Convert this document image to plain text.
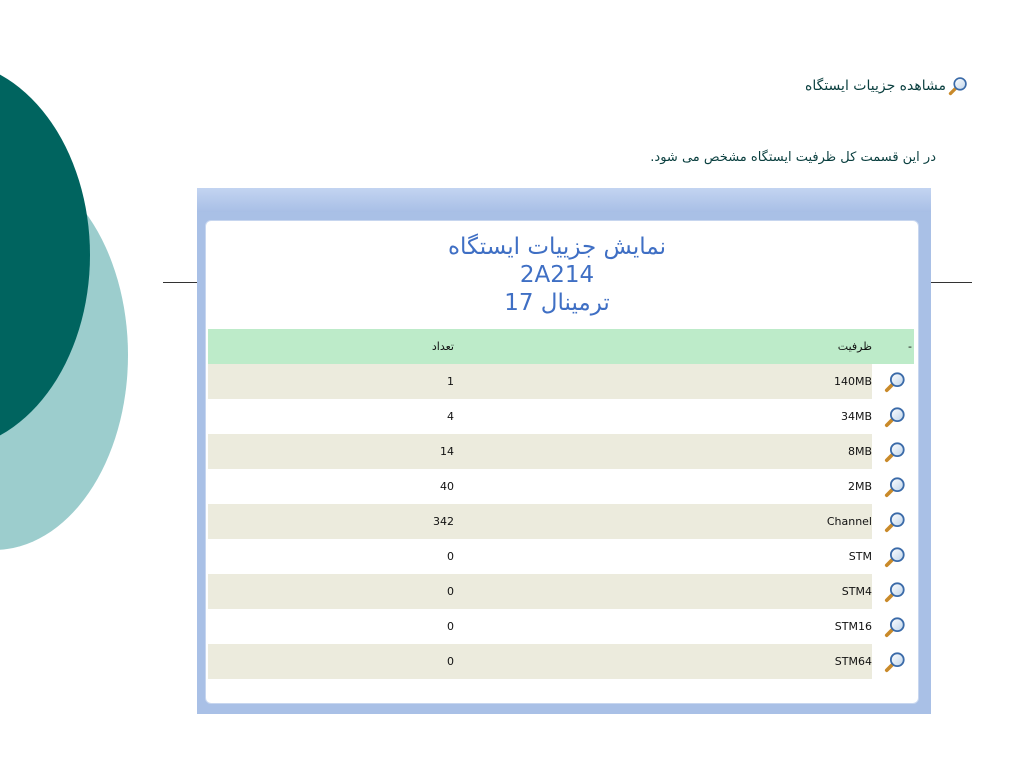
مشاهده جزییات ایستگاه
در این قسمت کل ظرفیت ایستگاه مشخص می شود.
نمایش جزییات ایستگاه
2A214
ترمینال 17
تعداد	ظرفیت	-
1	140MB
4	34MB
14	8MB
40	2MB
342	Channel
0	STM
0	STM4
0	STM16
0	STM64
